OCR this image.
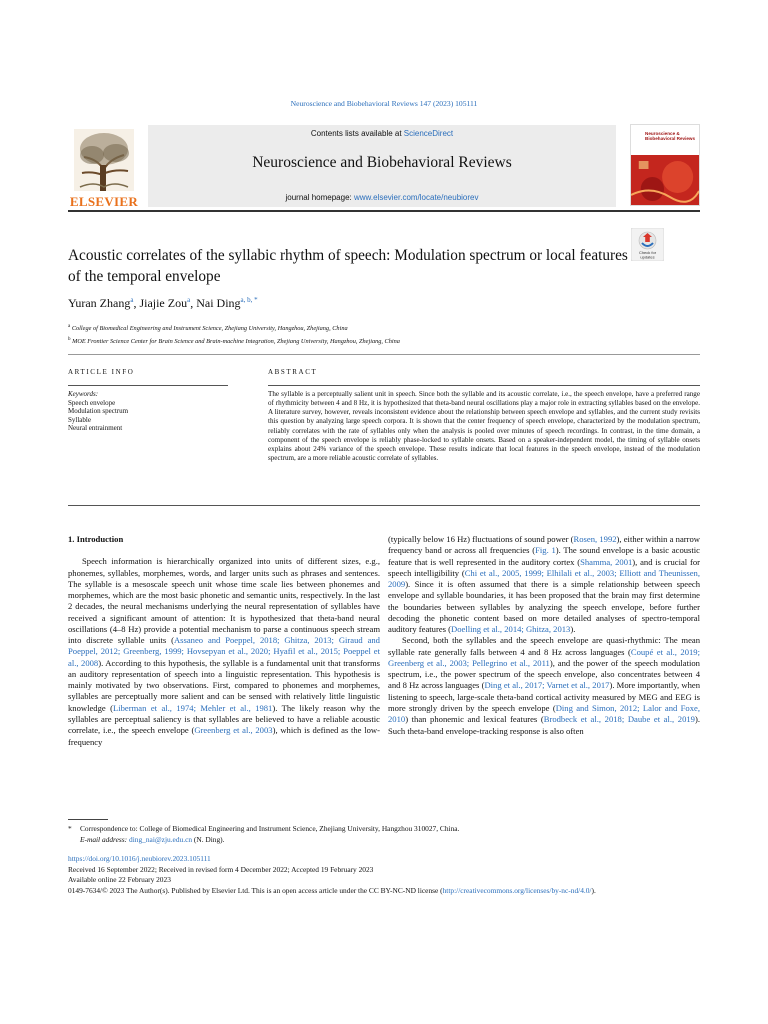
Neuroscience and Biobehavioral Reviews 147 (2023) 105111
ELSEVIER
Contents lists available at ScienceDirect
Neuroscience and Biobehavioral Reviews
journal homepage: www.elsevier.com/locate/neubiorev
Neuroscience & Biobehavioral Reviews
Acoustic correlates of the syllabic rhythm of speech: Modulation spectrum or local features of the temporal envelope
Check for
updates
Yuran Zhang$^a$, Jiajie Zou$^a$, Nai Ding$^{a, b, *}$
$^a$ College of Biomedical Engineering and Instrument Science, Zhejiang University, Hangzhou, Zhejiang, China
$^b$ MOE Frontier Science Center for Brain Science and Brain-machine Integration, Zhejiang University, Hangzhou, Zhejiang, China
ARTICLE INFO	ABSTRACT
Keywords:
Speech envelope
Modulation spectrum
Syllable
Neural entrainment
The syllable is a perceptually salient unit in speech. Since both the syllable and its acoustic correlate, i.e., the speech envelope, have a preferred range of rhythmicity between 4 and 8 Hz, it is hypothesized that theta-band neural oscillations play a major role in extracting syllables based on the envelope. A literature survey, however, reveals inconsistent evidence about the relationship between speech envelope and syllables, and the current study revisits this question by analyzing large speech corpora. It is shown that the center frequency of speech envelope, characterized by the modulation spectrum, reliably correlates with the rate of syllables only when the analysis is pooled over minutes of speech recordings. In contrast, in the time domain, a component of the speech envelope is reliably phase-locked to syllable onsets. Based on a speaker-independent model, the timing of syllable onsets explains about 24% variance of the speech envelope. These results indicate that local features in the speech envelope, instead of the modulation spectrum, are a more reliable acoustic correlate of syllables.
1. Introduction
Speech information is hierarchically organized into units of different sizes, e.g., phonemes, syllables, morphemes, words, and larger units such as phrases and sentences. The syllable is a mesoscale speech unit whose time scale lies between phonemes and morphemes, which are the most basic phonetic and semantic units, respectively. In the last 2 decades, the neural mechanisms underlying the neural representation of syllables have received a significant amount of attention: It is hypothesized that theta-band neural oscillations (4–8 Hz) provide a potential mechanism to parse a continuous speech stream into discrete syllable units (Assaneo and Poeppel, 2018; Ghitza, 2013; Giraud and Poeppel, 2012; Greenberg, 1999; Hovsepyan et al., 2020; Hyafil et al., 2015; Poeppel et al., 2008). According to this hypothesis, the syllable is a fundamental unit that transforms an auditory representation of speech into a linguistic representation. This hypothesis is mainly motivated by two observations. First, compared to phonemes and morphemes, syllables are perceptually more salient and can be sensed with relatively little linguistic knowledge (Liberman et al., 1974; Mehler et al., 1981). The likely reason why the syllables are perceptual saliency is that syllables are believed to have a reliable acoustic correlate, i.e., the speech envelope (Greenberg et al., 2003), which is defined as the low-frequency
(typically below 16 Hz) fluctuations of sound power (Rosen, 1992), either within a narrow frequency band or across all frequencies (Fig. 1). The sound envelope is a basic acoustic feature that is well represented in the auditory cortex (Shamma, 2001), and is crucial for speech intelligibility (Chi et al., 2005, 1999; Elhilali et al., 2003; Elliott and Theunissen, 2009). Since it is often assumed that there is a simple relationship between speech envelope and syllable boundaries, it has been proposed that the brain may first determine the boundaries between syllables by analyzing the speech envelope, before further decoding the phonetic content based on more detailed analyses of spectro-temporal auditory features (Doelling et al., 2014; Ghitza, 2013).
Second, both the syllables and the speech envelope are quasi-rhythmic: The mean syllable rate generally falls between 4 and 8 Hz across languages (Coupé et al., 2019; Greenberg et al., 2003; Pellegrino et al., 2011), and the power of the speech modulation spectrum, i.e., the power spectrum of the speech envelope, also concentrates between 4 and 8 Hz across languages (Ding et al., 2017; Varnet et al., 2017). More importantly, when listening to speech, large-scale theta-band cortical activity measured by MEG and EEG is more strongly driven by the speech envelope (Ding and Simon, 2012; Lalor and Foxe, 2010) than phonemic and lexical features (Brodbeck et al., 2018; Daube et al., 2019). Such theta-band envelope-tracking response is also often
* Correspondence to: College of Biomedical Engineering and Instrument Science, Zhejiang University, Hangzhou 310027, China.
E-mail address: ding_nai@zju.edu.cn (N. Ding).
https://doi.org/10.1016/j.neubiorev.2023.105111
Received 16 September 2022; Received in revised form 4 December 2022; Accepted 19 February 2023
Available online 22 February 2023
0149-7634/© 2023 The Author(s). Published by Elsevier Ltd. This is an open access article under the CC BY-NC-ND license (http://creativecommons.org/licenses/by-nc-nd/4.0/).
